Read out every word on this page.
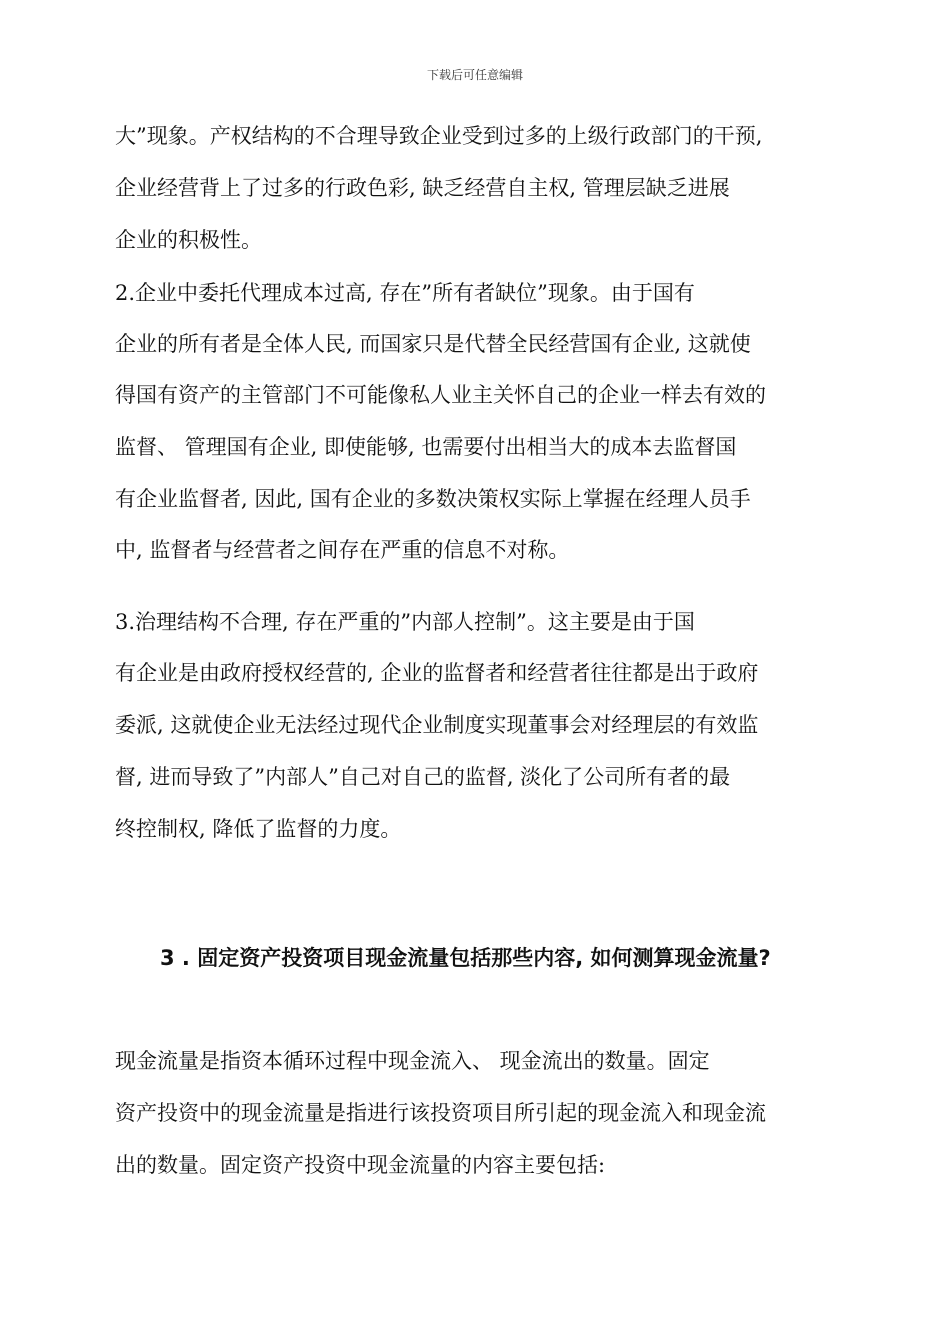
下载后可任意编辑
大”现象。产权结构的不合理导致企业受到过多的上级行政部门的干预,
企业经营背上了过多的行政色彩, 缺乏经营自主权, 管理层缺乏进展
企业的积极性。
2.企业中委托代理成本过高, 存在”所有者缺位”现象。由于国有
企业的所有者是全体人民, 而国家只是代替全民经营国有企业, 这就使
得国有资产的主管部门不可能像私人业主关怀自己的企业一样去有效的
监督、 管理国有企业, 即使能够, 也需要付出相当大的成本去监督国
有企业监督者, 因此, 国有企业的多数决策权实际上掌握在经理人员手
中, 监督者与经营者之间存在严重的信息不对称。
3.治理结构不合理, 存在严重的”内部人控制”。这主要是由于国
有企业是由政府授权经营的, 企业的监督者和经营者往往都是出于政府
委派, 这就使企业无法经过现代企业制度实现董事会对经理层的有效监
督, 进而导致了”内部人”自己对自己的监督, 淡化了公司所有者的最
终控制权, 降低了监督的力度。
3 . 固定资产投资项目现金流量包括那些内容, 如何测算现金流量?
现金流量是指资本循环过程中现金流入、 现金流出的数量。固定
资产投资中的现金流量是指进行该投资项目所引起的现金流入和现金流
出的数量。固定资产投资中现金流量的内容主要包括:
